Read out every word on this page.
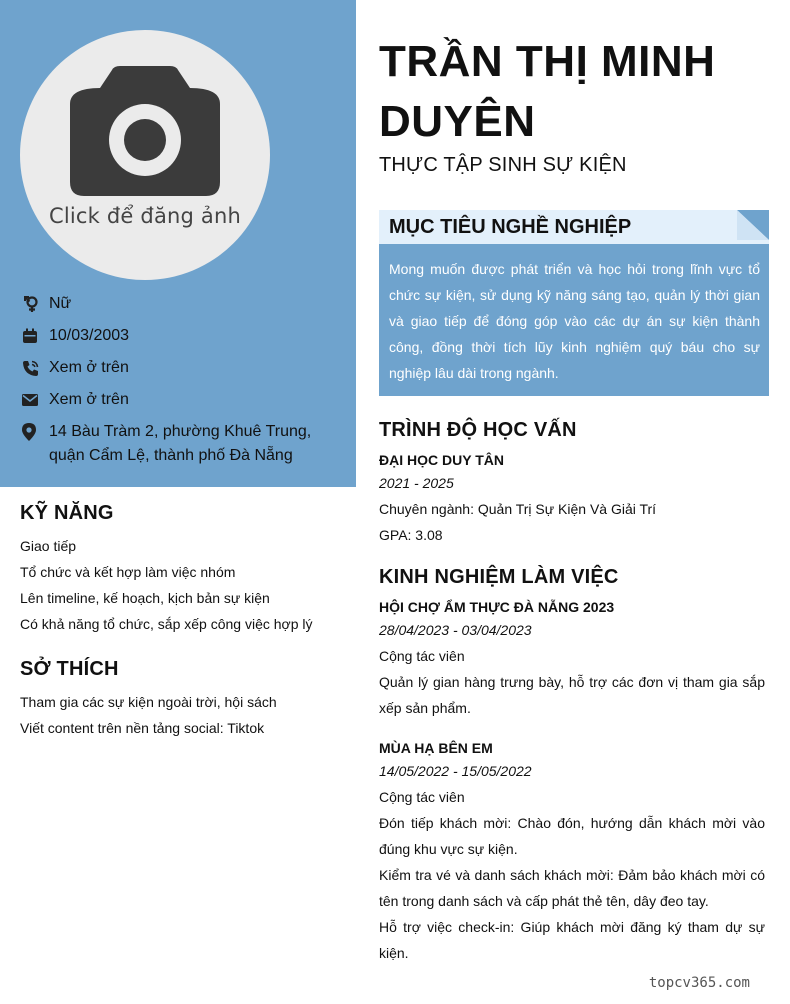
Click để đăng ảnh
Nữ
10/03/2003
Xem ở trên
Xem ở trên
14 Bàu Tràm 2, phường Khuê Trung,
quận Cẩm Lệ, thành phố Đà Nẵng
KỸ NĂNG
Giao tiếp
Tổ chức và kết hợp làm việc nhóm
Lên timeline, kế hoạch, kịch bản sự kiện
Có khả năng tổ chức, sắp xếp công việc hợp lý
SỞ THÍCH
Tham gia các sự kiện ngoài trời, hội sách
Viết content trên nền tảng social: Tiktok
TRẦN THỊ MINH
DUYÊN
THỰC TẬP SINH SỰ KIỆN
MỤC TIÊU NGHỀ NGHIỆP
Mong muốn được phát triển và học hỏi trong lĩnh vực tổ chức sự kiện, sử dụng kỹ năng sáng tạo, quản lý thời gian và giao tiếp để đóng góp vào các dự án sự kiện thành công, đồng thời tích lũy kinh nghiệm quý báu cho sự nghiệp lâu dài trong ngành.
TRÌNH ĐỘ HỌC VẤN
ĐẠI HỌC DUY TÂN
2021 - 2025
Chuyên ngành: Quản Trị Sự Kiện Và Giải Trí
GPA: 3.08
KINH NGHIỆM LÀM VIỆC
HỘI CHỢ ẨM THỰC ĐÀ NẴNG 2023
28/04/2023 - 03/04/2023
Cộng tác viên
Quản lý gian hàng trưng bày, hỗ trợ các đơn vị tham gia sắp xếp sản phẩm.
MÙA HẠ BÊN EM
14/05/2022 - 15/05/2022
Cộng tác viên
Đón tiếp khách mời: Chào đón, hướng dẫn khách mời vào đúng khu vực sự kiện.
Kiểm tra vé và danh sách khách mời: Đảm bảo khách mời có tên trong danh sách và cấp phát thẻ tên, dây đeo tay.
Hỗ trợ việc check-in: Giúp khách mời đăng ký tham dự sự kiện.
topcv365.com
